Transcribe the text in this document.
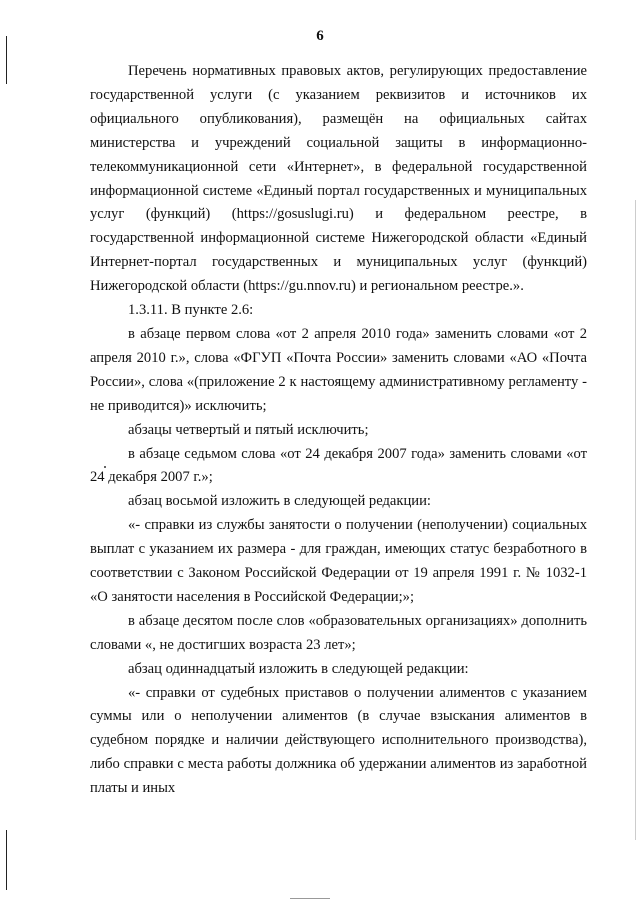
6

Перечень нормативных правовых актов, регулирующих предоставление государственной услуги (с указанием реквизитов и источников их официального опубликования), размещён на официальных сайтах министерства и учреждений социальной защиты в информационно-телекоммуникационной сети «Интернет», в федеральной государственной информационной системе «Единый портал государственных и муниципальных услуг (функций) (https://gosuslugi.ru) и федеральном реестре, в государственной информационной системе Нижегородской области «Единый Интернет-портал государственных и муниципальных услуг (функций) Нижегородской области (https://gu.nnov.ru) и региональном реестре.».

1.3.11. В пункте 2.6:

в абзаце первом слова «от 2 апреля 2010 года» заменить словами «от 2 апреля 2010 г.», слова «ФГУП «Почта России» заменить словами «АО «Почта России», слова «(приложение 2 к настоящему административному регламенту - не приводится)» исключить;

абзацы четвертый и пятый исключить;

в абзаце седьмом слова «от 24 декабря 2007 года» заменить словами «от 24 декабря 2007 г.»;

абзац восьмой изложить в следующей редакции:

«- справки из службы занятости о получении (неполучении) социальных выплат с указанием их размера - для граждан, имеющих статус безработного в соответствии с Законом Российской Федерации от 19 апреля 1991 г. № 1032-1 «О занятости населения в Российской Федерации;»;

в абзаце десятом после слов «образовательных организациях» дополнить словами «, не достигших возраста 23 лет»;

абзац одиннадцатый изложить в следующей редакции:

«- справки от судебных приставов о получении алиментов с указанием суммы или о неполучении алиментов (в случае взыскания алиментов в судебном порядке и наличии действующего исполнительного производства), либо справки с места работы должника об удержании алиментов из заработной платы и иных
